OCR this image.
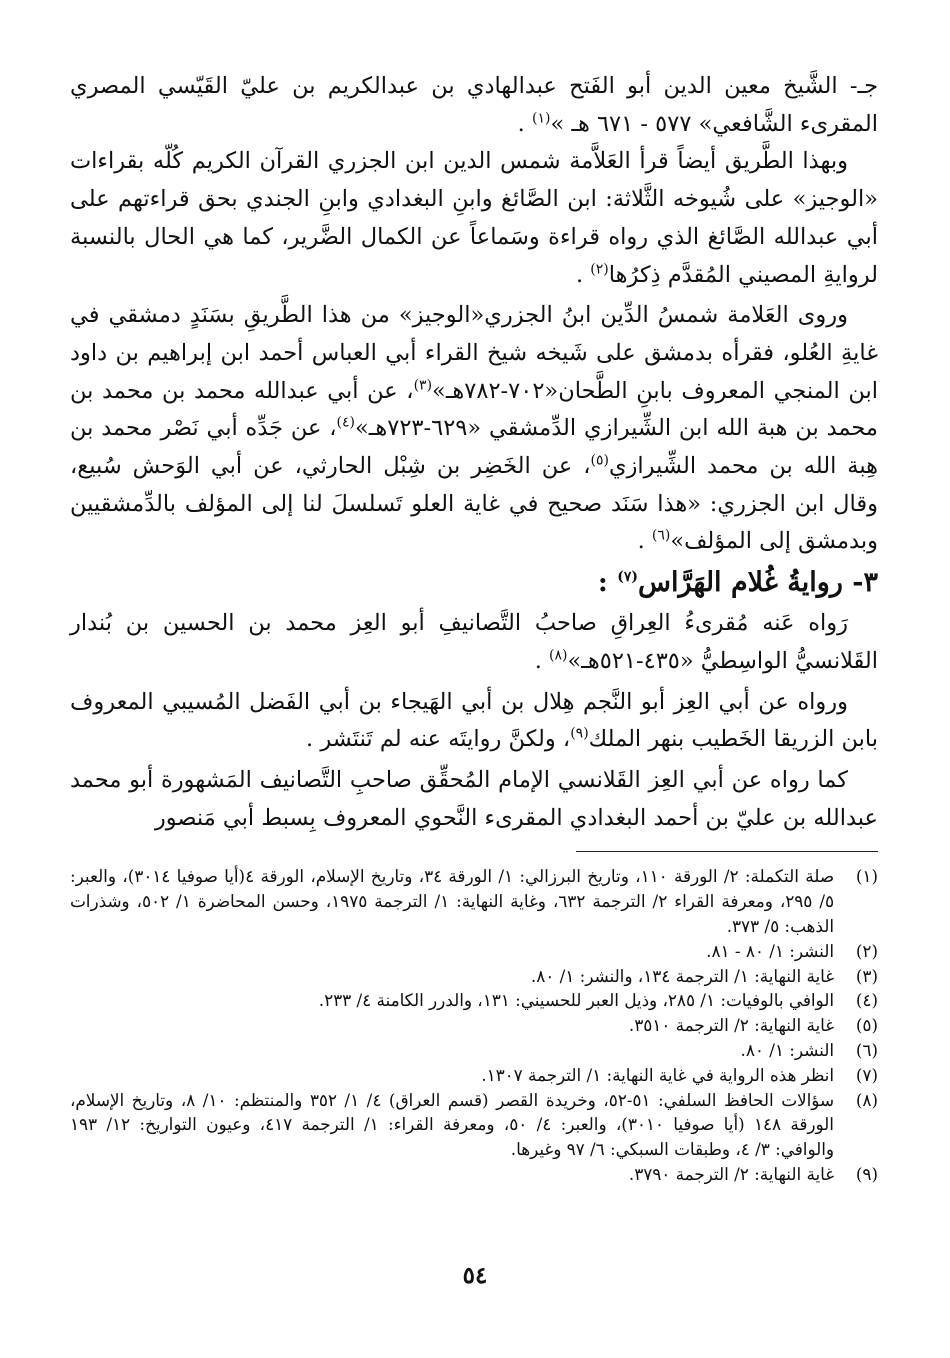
جـ- الشَّيخ معين الدين أبو الفَتح عبدالهادي بن عبدالكريم بن عليّ القَيّسي المصري المقرىء الشَّافعي» ٥٧٧ - ٦٧١ هـ »$^{(١)}$ .

وبهذا الطَّريق أيضاً قرأ العَلاَّمة شمس الدين ابن الجزري القرآن الكريم كُلّه بقراءات «الوجيز» على شُيوخه الثَّلاثة: ابن الصَّائغ وابنِ البغدادي وابنِ الجندي بحق قراءتهم على أبي عبدالله الصَّائغ الذي رواه قراءة وسَماعاً عن الكمال الضَّرير، كما هي الحال بالنسبة لروايةِ المصيني المُقدَّم ذِكرُها$^{(٢)}$ .

وروى العَلامة شمسُ الدِّين ابنُ الجزري«الوجيز» من هذا الطَّريقِ بسَنَدٍ دمشقي في غايةِ العُلو، فقرأه بدمشق على شَيخه شيخ القراء أبي العباس أحمد ابن إبراهيم بن داود ابن المنجي المعروف بابنِ الطَّحان«٧٠٢-٧٨٢هـ»$^{(٣)}$، عن أبي عبدالله محمد بن محمد بن محمد بن هبة الله ابن الشِّيرازي الدِّمشقي «٦٢٩-٧٢٣هـ»$^{(٤)}$، عن جَدِّه أبي نَصْر محمد بن هِبة الله بن محمد الشِّيرازي$^{(٥)}$، عن الخَضِر بن شِبْل الحارثي، عن أبي الوَحش سُبيع، وقال ابن الجزري: «هذا سَنَد صحيح في غاية العلو تَسلسلَ لنا إلى المؤلف بالدِّمشقيين وبدمشق إلى المؤلف»$^{(٦)}$ .

٣- روايةُ غُلام الهَرَّاس$^{(٧)}$ :

رَواه عَنه مُقرىءُ العِراقِ صاحبُ التَّصانيفِ أبو العِز محمد بن الحسين بن بُندار القَلانسيُّ الواسِطيُّ «٤٣٥-٥٢١هـ»$^{(٨)}$ .

ورواه عن أبي العِز أبو النَّجم هِلال بن أبي الهَيجاء بن أبي الفَضل المُسيبي المعروف بابن الزريقا الخَطيب بنهر الملك$^{(٩)}$، ولكنَّ روايتَه عنه لم تَنتَشر .

كما رواه عن أبي العِز القَلانسي الإمام المُحقِّق صاحبِ التَّصانيف المَشهورة أبو محمد عبدالله بن عليّ بن أحمد البغدادي المقرىء النَّحوي المعروف بِسبط أبي مَنصور

(١)
صلة التكملة: ٢/ الورقة ١١٠، وتاريخ البرزالي: ١/ الورقة ٣٤، وتاريخ الإسلام، الورقة ٤(أيا صوفيا ٣٠١٤)، والعبر: ٥/ ٢٩٥، ومعرفة القراء ٢/ الترجمة ٦٣٢، وغاية النهاية: ١/ الترجمة ١٩٧٥، وحسن المحاضرة ١/ ٥٠٢، وشذرات الذهب: ٥/ ٣٧٣.
(٢)
النشر: ١/ ٨٠ - ٨١.
(٣)
غاية النهاية: ١/ الترجمة ١٣٤، والنشر: ١/ ٨٠.
(٤)
الوافي بالوفيات: ١/ ٢٨٥، وذيل العبر للحسيني: ١٣١، والدرر الكامنة ٤/ ٢٣٣.
(٥)
غاية النهاية: ٢/ الترجمة ٣٥١٠.
(٦)
النشر: ١/ ٨٠.
(٧)
انظر هذه الرواية في غاية النهاية: ١/ الترجمة ١٣٠٧.
(٨)
سؤالات الحافظ السلفي: ٥١-٥٢، وخريدة القصر (قسم العراق) ٤/ ١/ ٣٥٢ والمنتظم: ١٠/ ٨، وتاريخ الإسلام، الورقة ١٤٨ (أيا صوفيا ٣٠١٠)، والعبر: ٤/ ٥٠، ومعرفة القراء: ١/ الترجمة ٤١٧، وعيون التواريخ: ١٢/ ١٩٣ والوافي: ٣/ ٤، وطبقات السبكي: ٦/ ٩٧ وغيرها.
(٩)
غاية النهاية: ٢/ الترجمة ٣٧٩٠.
٥٤
